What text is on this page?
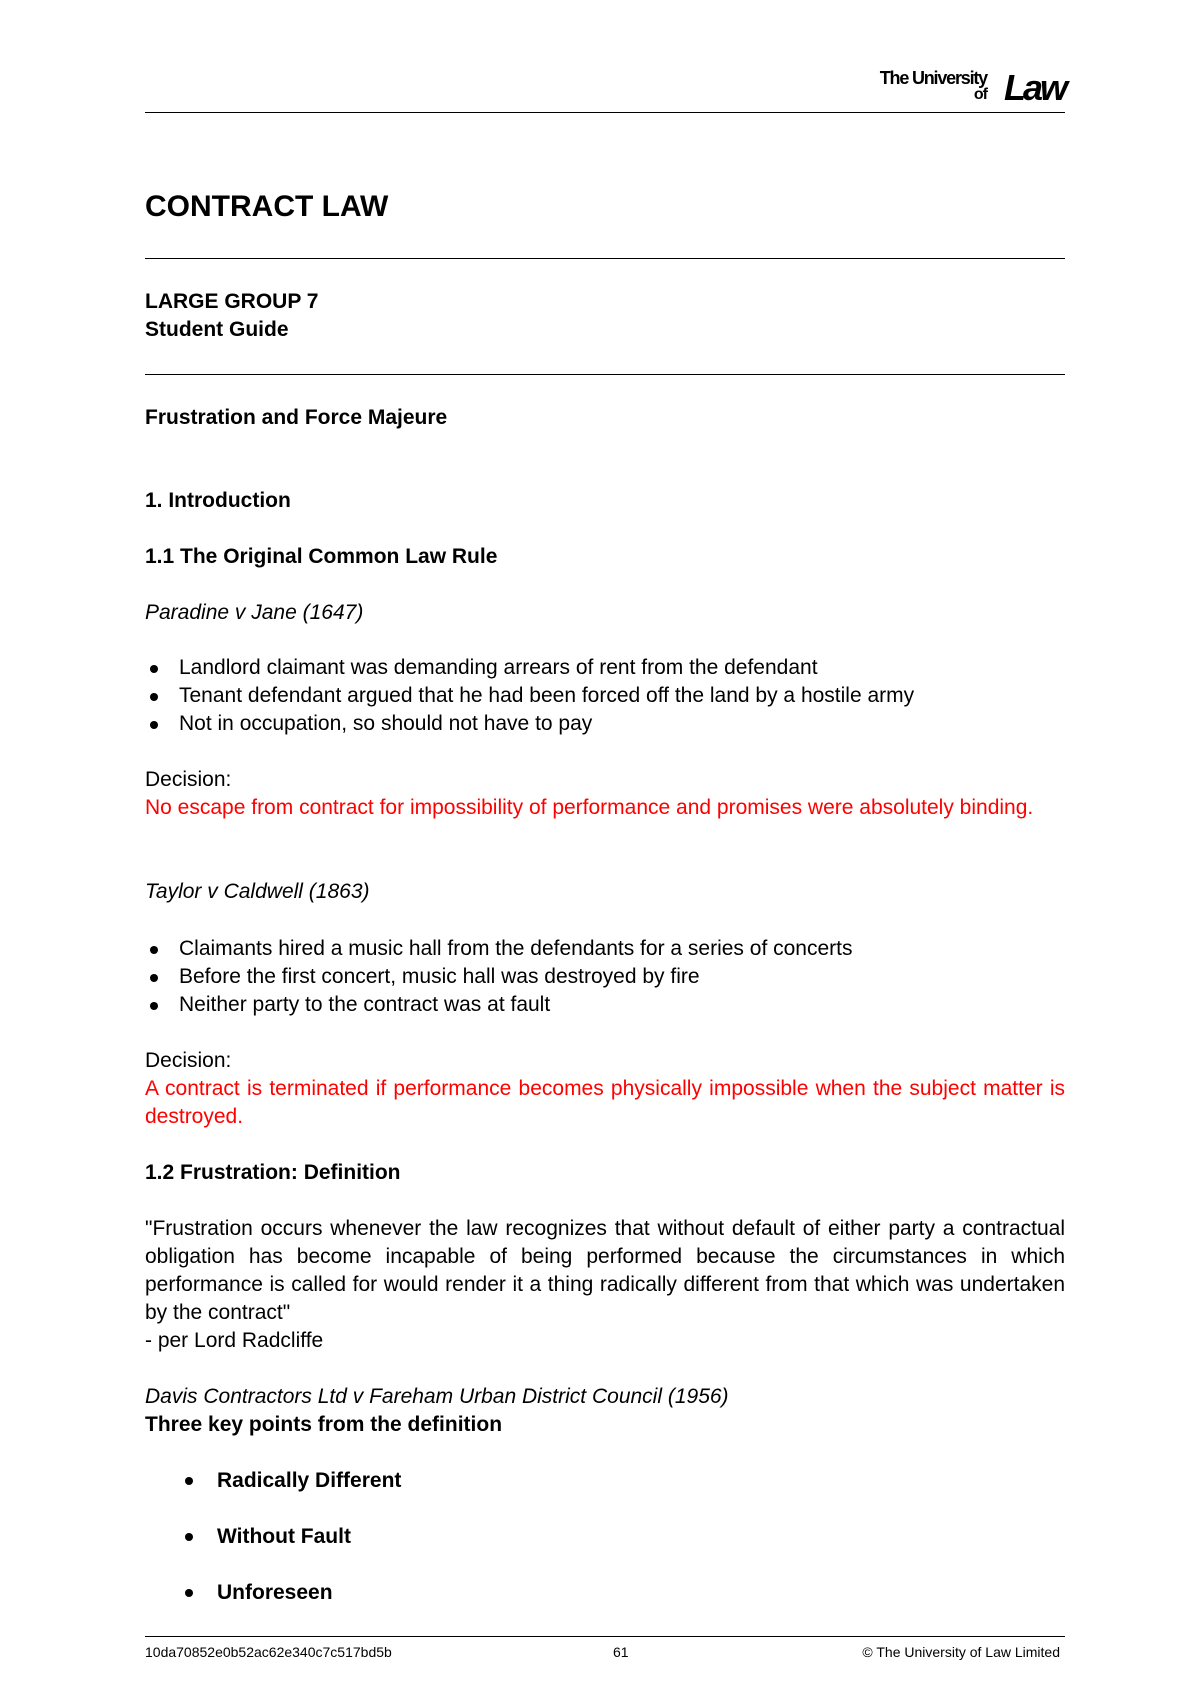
The University
of Law
CONTRACT LAW
LARGE GROUP 7
Student Guide
Frustration and Force Majeure
1. Introduction
1.1 The Original Common Law Rule
Paradine v Jane (1647)
Landlord claimant was demanding arrears of rent from the defendant
Tenant defendant argued that he had been forced off the land by a hostile army
Not in occupation, so should not have to pay
Decision:
No escape from contract for impossibility of performance and promises were absolutely binding.
Taylor v Caldwell (1863)
Claimants hired a music hall from the defendants for a series of concerts
Before the first concert, music hall was destroyed by fire
Neither party to the contract was at fault
Decision:
A contract is terminated if performance becomes physically impossible when the subject matter is destroyed.
1.2 Frustration: Definition
"Frustration occurs whenever the law recognizes that without default of either party a contractual obligation has become incapable of being performed because the circumstances in which performance is called for would render it a thing radically different from that which was undertaken by the contract"
- per Lord Radcliffe
Davis Contractors Ltd v Fareham Urban District Council (1956)
Three key points from the definition
Radically Different
Without Fault
Unforeseen
10da70852e0b52ac62e340c7c517bd5b	61	© The University of Law Limited
